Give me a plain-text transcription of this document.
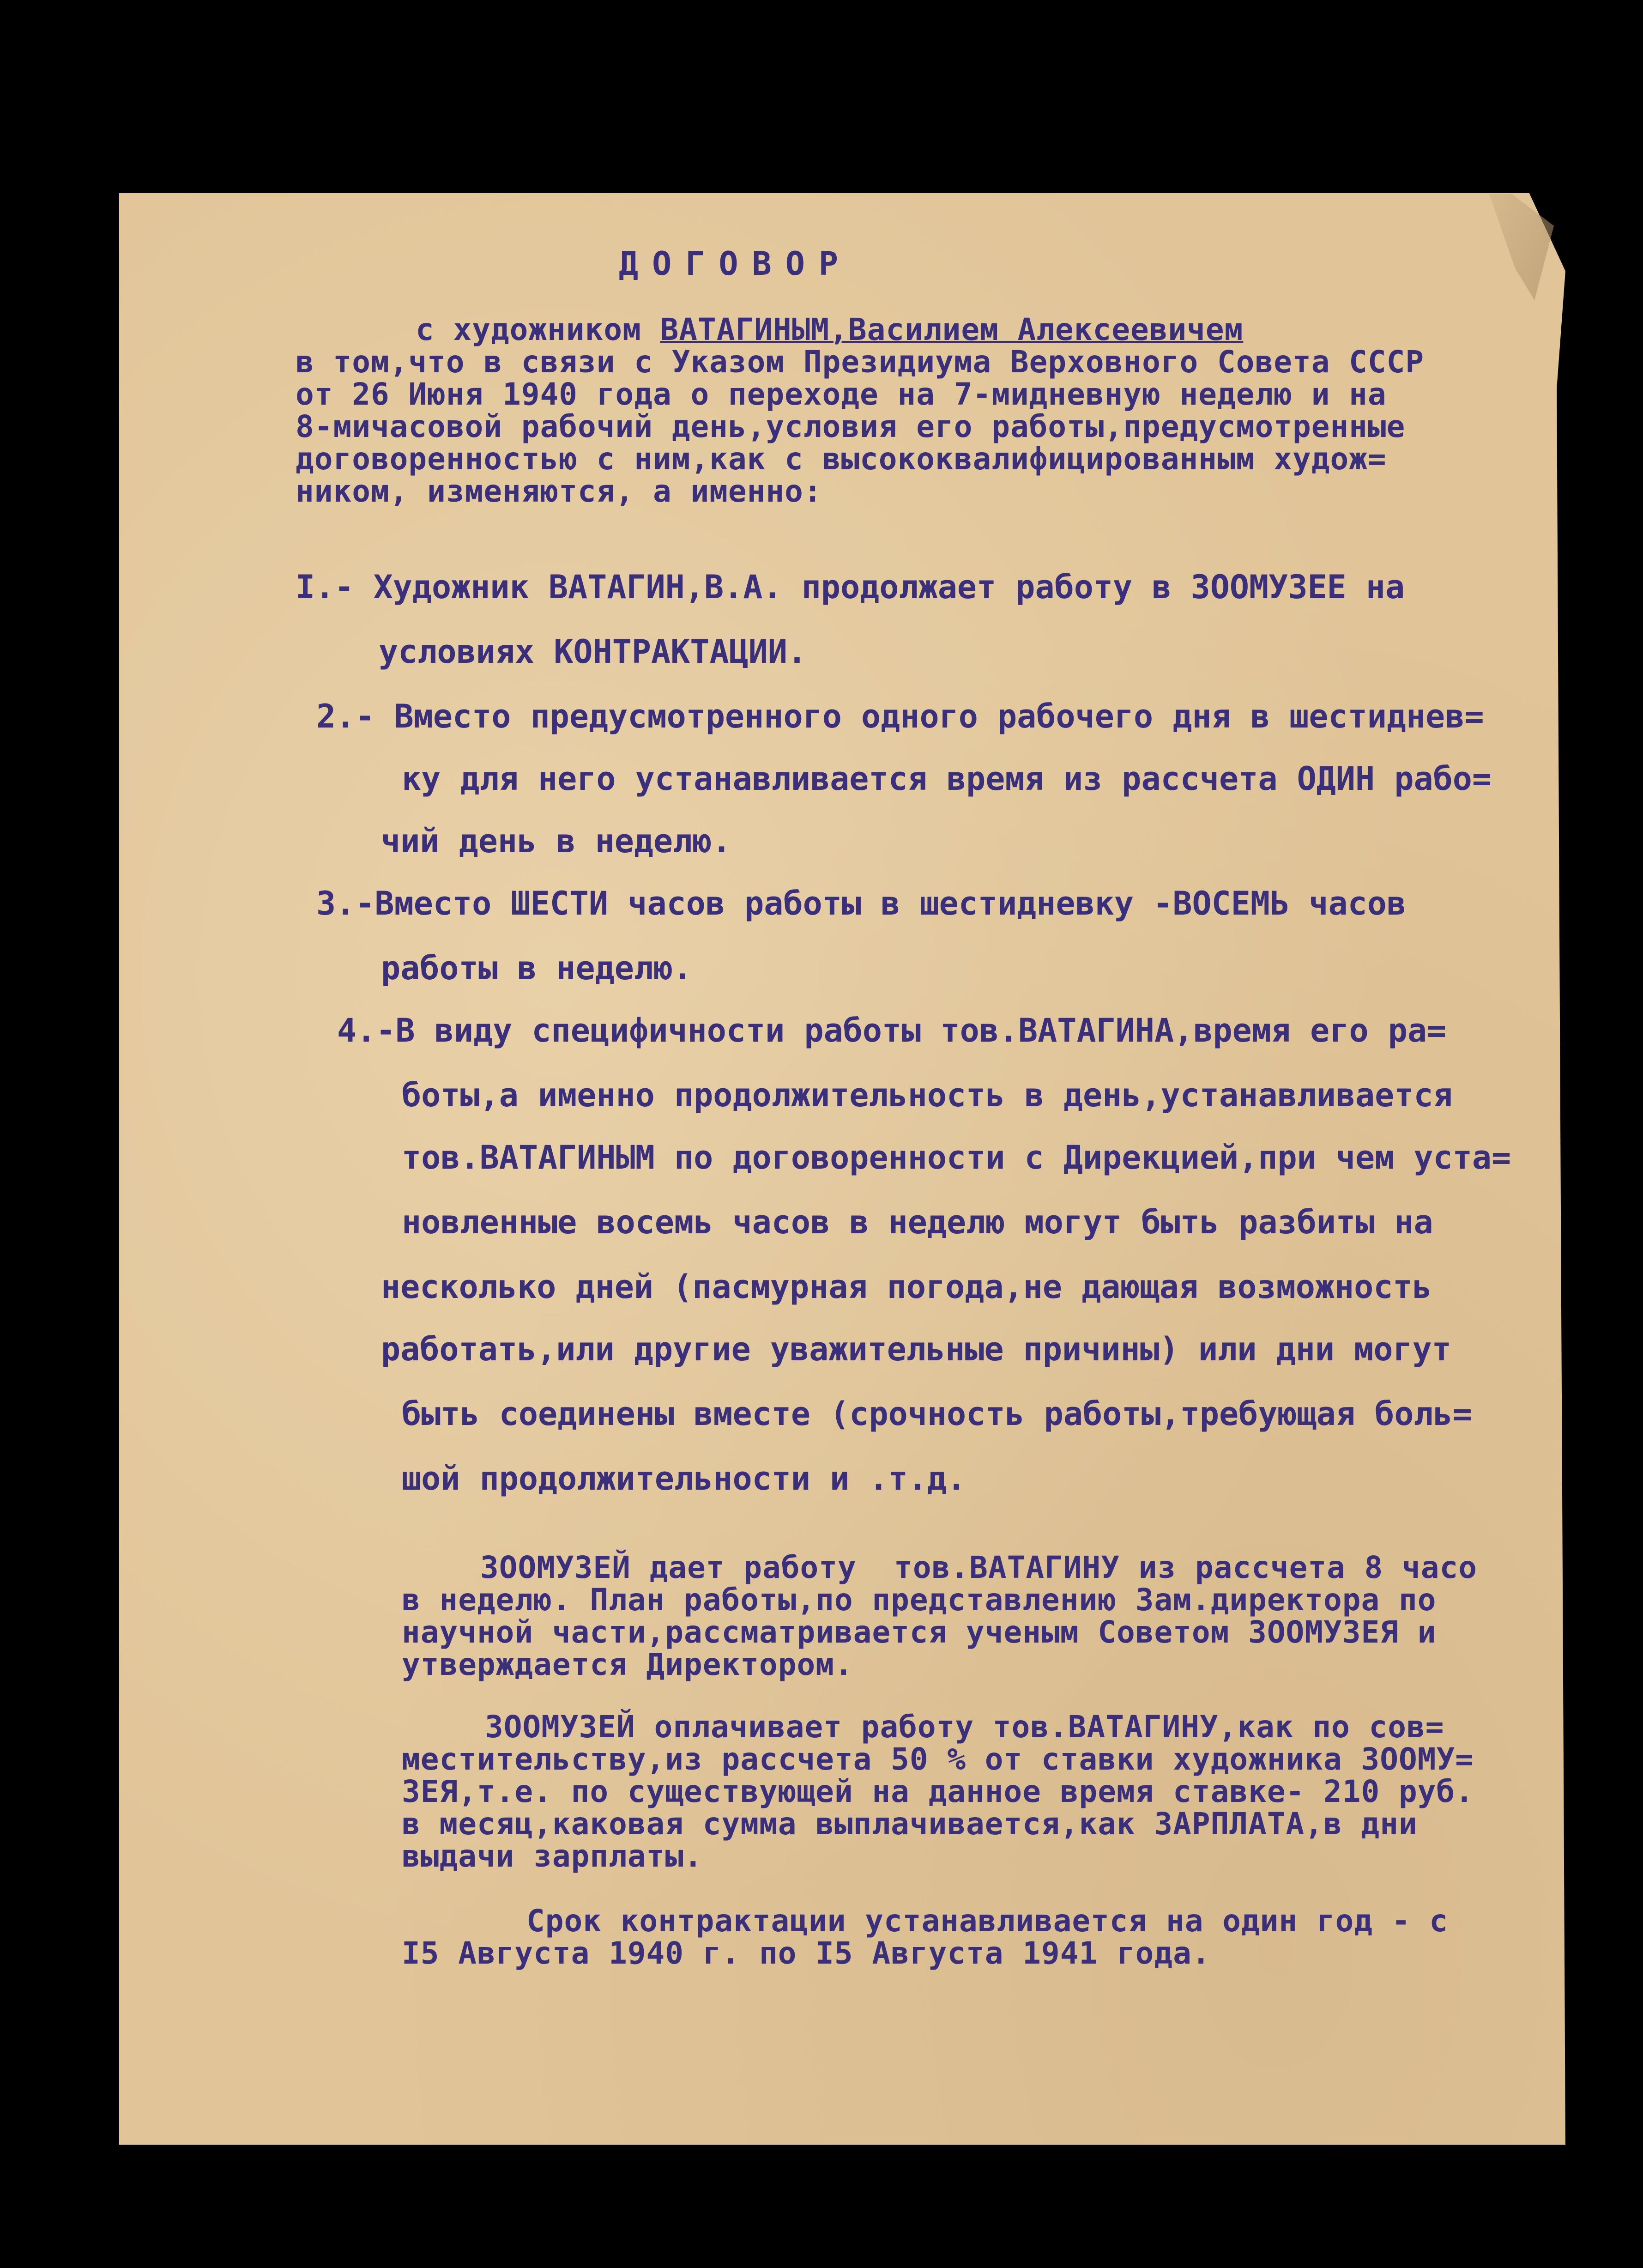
ДОГОВОР
с художником ВАТАГИНЫМ,Василием Алексеевичем
в том,что в связи с Указом Президиума Верховного Совета СССР
от 26 Июня 1940 года о переходе на 7-мидневную неделю и на
8-мичасовой рабочий день,условия его работы,предусмотренные
договоренностью с ним,как с высококвалифицированным худож=
ником, изменяются, а именно:
I.- Художник ВАТАГИН,В.А. продолжает работу в ЗООМУЗЕЕ на
условиях КОНТРАКТАЦИИ.
2.- Вместо предусмотренного одного рабочего дня в шестиднев=
ку для него устанавливается время из рассчета ОДИН рабо=
чий день в неделю.
3.-Вместо ШЕСТИ часов работы в шестидневку -ВОСЕМЬ часов
работы в неделю.
4.-В виду специфичности работы тов.ВАТАГИНА,время его ра=
боты,а именно продолжительность в день,устанавливается
тов.ВАТАГИНЫМ по договоренности с Дирекцией,при чем уста=
новленные восемь часов в неделю могут быть разбиты на
несколько дней (пасмурная погода,не дающая возможность
работать,или другие уважительные причины) или дни могут
быть соединены вместе (срочность работы,требующая боль=
шой продолжительности и .т.д.
ЗООМУЗЕЙ дает работу  тов.ВАТАГИНУ из рассчета 8 часо
в неделю. План работы,по представлению Зам.директора по
научной части,рассматривается ученым Советом ЗООМУЗЕЯ и
утверждается Директором.
ЗООМУЗЕЙ оплачивает работу тов.ВАТАГИНУ,как по сов=
местительству,из рассчета 50 % от ставки художника ЗООМУ=
ЗЕЯ,т.е. по существующей на данное время ставке- 210 руб.
в месяц,каковая сумма выплачивается,как ЗАРПЛАТА,в дни
выдачи зарплаты.
Срок контрактации устанавливается на один год - с
I5 Августа 1940 г. по I5 Августа 1941 года.
